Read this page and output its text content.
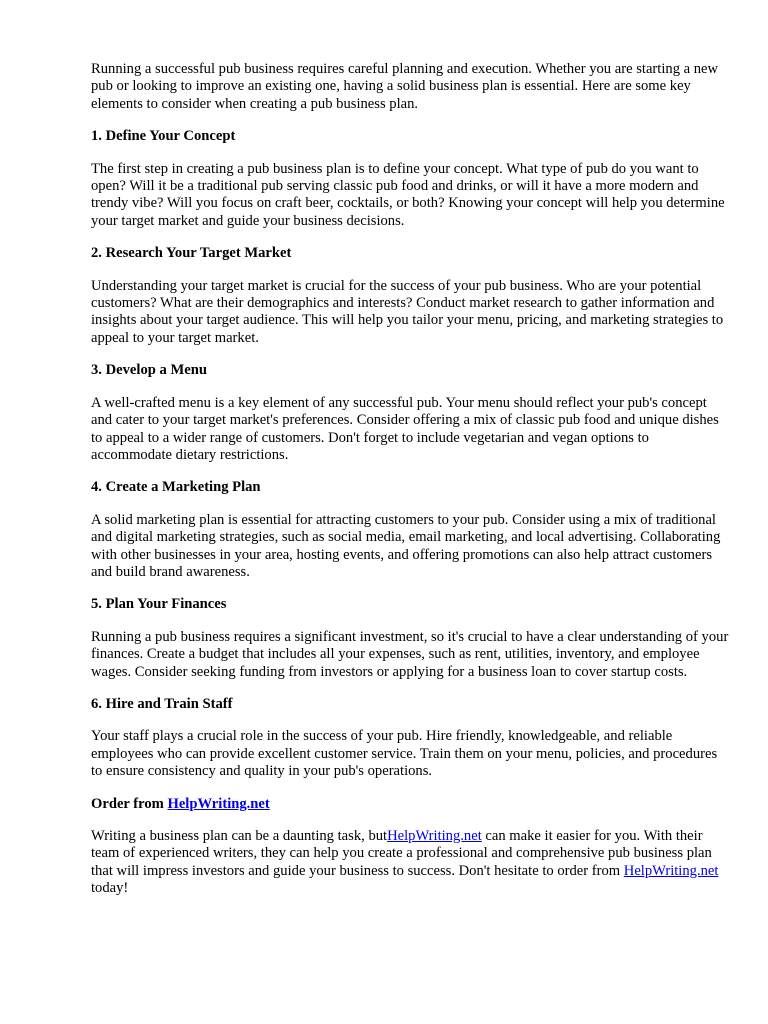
Running a successful pub business requires careful planning and execution. Whether you are starting a new pub or looking to improve an existing one, having a solid business plan is essential. Here are some key elements to consider when creating a pub business plan.

1. Define Your Concept

The first step in creating a pub business plan is to define your concept. What type of pub do you want to open? Will it be a traditional pub serving classic pub food and drinks, or will it have a more modern and trendy vibe? Will you focus on craft beer, cocktails, or both? Knowing your concept will help you determine your target market and guide your business decisions.

2. Research Your Target Market

Understanding your target market is crucial for the success of your pub business. Who are your potential customers? What are their demographics and interests? Conduct market research to gather information and insights about your target audience. This will help you tailor your menu, pricing, and marketing strategies to appeal to your target market.

3. Develop a Menu

A well-crafted menu is a key element of any successful pub. Your menu should reflect your pub's concept and cater to your target market's preferences. Consider offering a mix of classic pub food and unique dishes to appeal to a wider range of customers. Don't forget to include vegetarian and vegan options to accommodate dietary restrictions.

4. Create a Marketing Plan

A solid marketing plan is essential for attracting customers to your pub. Consider using a mix of traditional and digital marketing strategies, such as social media, email marketing, and local advertising. Collaborating with other businesses in your area, hosting events, and offering promotions can also help attract customers and build brand awareness.

5. Plan Your Finances

Running a pub business requires a significant investment, so it's crucial to have a clear understanding of your finances. Create a budget that includes all your expenses, such as rent, utilities, inventory, and employee wages. Consider seeking funding from investors or applying for a business loan to cover startup costs.

6. Hire and Train Staff

Your staff plays a crucial role in the success of your pub. Hire friendly, knowledgeable, and reliable employees who can provide excellent customer service. Train them on your menu, policies, and procedures to ensure consistency and quality in your pub's operations.

Order from HelpWriting.net

Writing a business plan can be a daunting task, butHelpWriting.net can make it easier for you. With their team of experienced writers, they can help you create a professional and comprehensive pub business plan that will impress investors and guide your business to success. Don't hesitate to order from HelpWriting.net today!
